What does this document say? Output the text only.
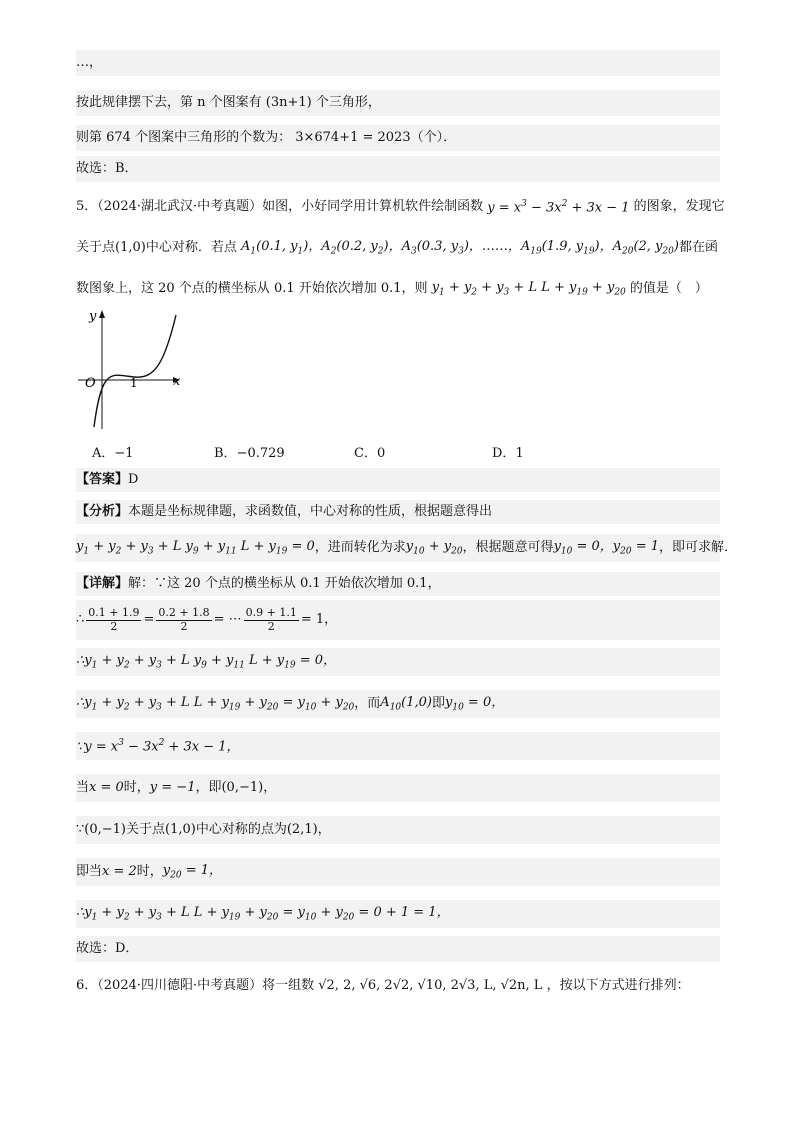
…，
按此规律摆下去，第 n 个图案有 (3n+1) 个三角形，
则第 674 个图案中三角形的个数为： 3×674+1 = 2023（个）．
故选：B．
5．（2024·湖北武汉·中考真题）如图，小好同学用计算机软件绘制函数 $y = x^3 - 3x^2 + 3x - 1$ 的图象，发现它
关于点 (1,0) 中心对称．若点 $A_1(0.1$, $y_1$)，$A_2(0.2$, $y_2$)，$A_3(0.3$, $y_3$)，……，$A_{19}(1.9$, $y_{19}$)，$A_{20}(2$, $y_{20}$) 都在函
数图象上，这 20 个点的横坐标从 0.1 开始依次增加 0.1，则 $y_1 + y_2 + y_3 + L$ $L + y_{19} + y_{20}$ 的值是（　）
y
x
O	1
A．−1	B．−0.729	C．0	D．1
【答案】 D
【分析】 本题是坐标规律题，求函数值，中心对称的性质，根据题意得出
$y_1 + y_2 + y_3 + L$ $y_9 + y_{11}$ $L + y_{19} = 0$ ，进而转化为求 $y_{10} + y_{20}$ ，根据题意可得 $y_{10} = 0$，$y_{20} = 1$ ，即可求解．
【详解】 解：∵这 20 个点的横坐标从 0.1 开始依次增加 0.1，
∴ $\frac{0.1 + 1.9}{2} = \frac{0.2 + 1.8}{2}$ = ⋯ $\frac{0.9 + 1.1}{2} = 1$，
$\therefore y_1 + y_2 + y_3 + L$ $y_9 + y_{11}$ $L + y_{19} = 0$，
$\therefore y_1 + y_2 + y_3 + L$ $L + y_{19} + y_{20} = y_{10} + y_{20}$ ，而 $A_{10}(1,0)$ 即 $y_{10} = 0$，
∵y = $x^3 - 3x^2 + 3x - 1$，
当 x = 0 时， y = −1 ，即 (0,−1)，
∵(0,−1) 关于点 (1,0) 中心对称的点为 (2,1)，
即当 x = 2 时， $y_{20} = 1$，
$\therefore y_1 + y_2 + y_3 + L$ $L + y_{19} + y_{20} = y_{10} + y_{20} = 0 + 1 = 1$，
故选：D．
6．（2024·四川德阳·中考真题）将一组数 √2, 2, √6, 2√2, √10, 2√3, L, √2n, L ，按以下方式进行排列：
